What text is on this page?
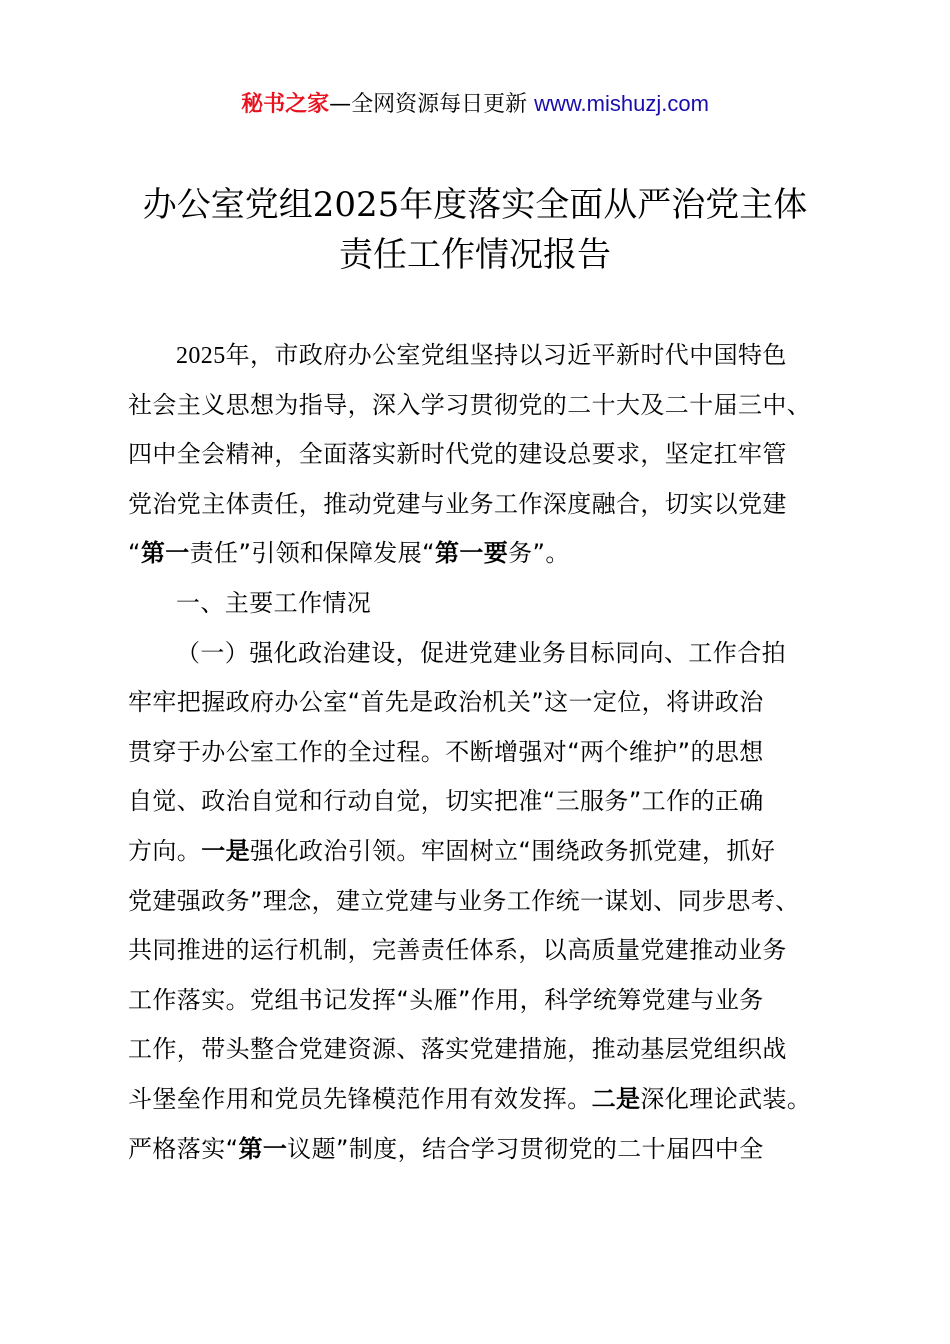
秘书之家—全网资源每日更新 www.mishuzj.com
办公室党组2025年度落实全面从严治党主体
责任工作情况报告
2025年，市政府办公室党组坚持以习近平新时代中国特色
社会主义思想为指导，深入学习贯彻党的二十大及二十届三中、
四中全会精神，全面落实新时代党的建设总要求，坚定扛牢管
党治党主体责任，推动党建与业务工作深度融合，切实以党建
“第一责任”引领和保障发展“第一要务”。
一、主要工作情况
（一）强化政治建设，促进党建业务目标同向、工作合拍
牢牢把握政府办公室“首先是政治机关”这一定位，将讲政治
贯穿于办公室工作的全过程。不断增强对“两个维护”的思想
自觉、政治自觉和行动自觉，切实把准“三服务”工作的正确
方向。一是强化政治引领。牢固树立“围绕政务抓党建，抓好
党建强政务”理念，建立党建与业务工作统一谋划、同步思考、
共同推进的运行机制，完善责任体系，以高质量党建推动业务
工作落实。党组书记发挥“头雁”作用，科学统筹党建与业务
工作，带头整合党建资源、落实党建措施，推动基层党组织战
斗堡垒作用和党员先锋模范作用有效发挥。二是深化理论武装。
严格落实“第一议题”制度，结合学习贯彻党的二十届四中全
